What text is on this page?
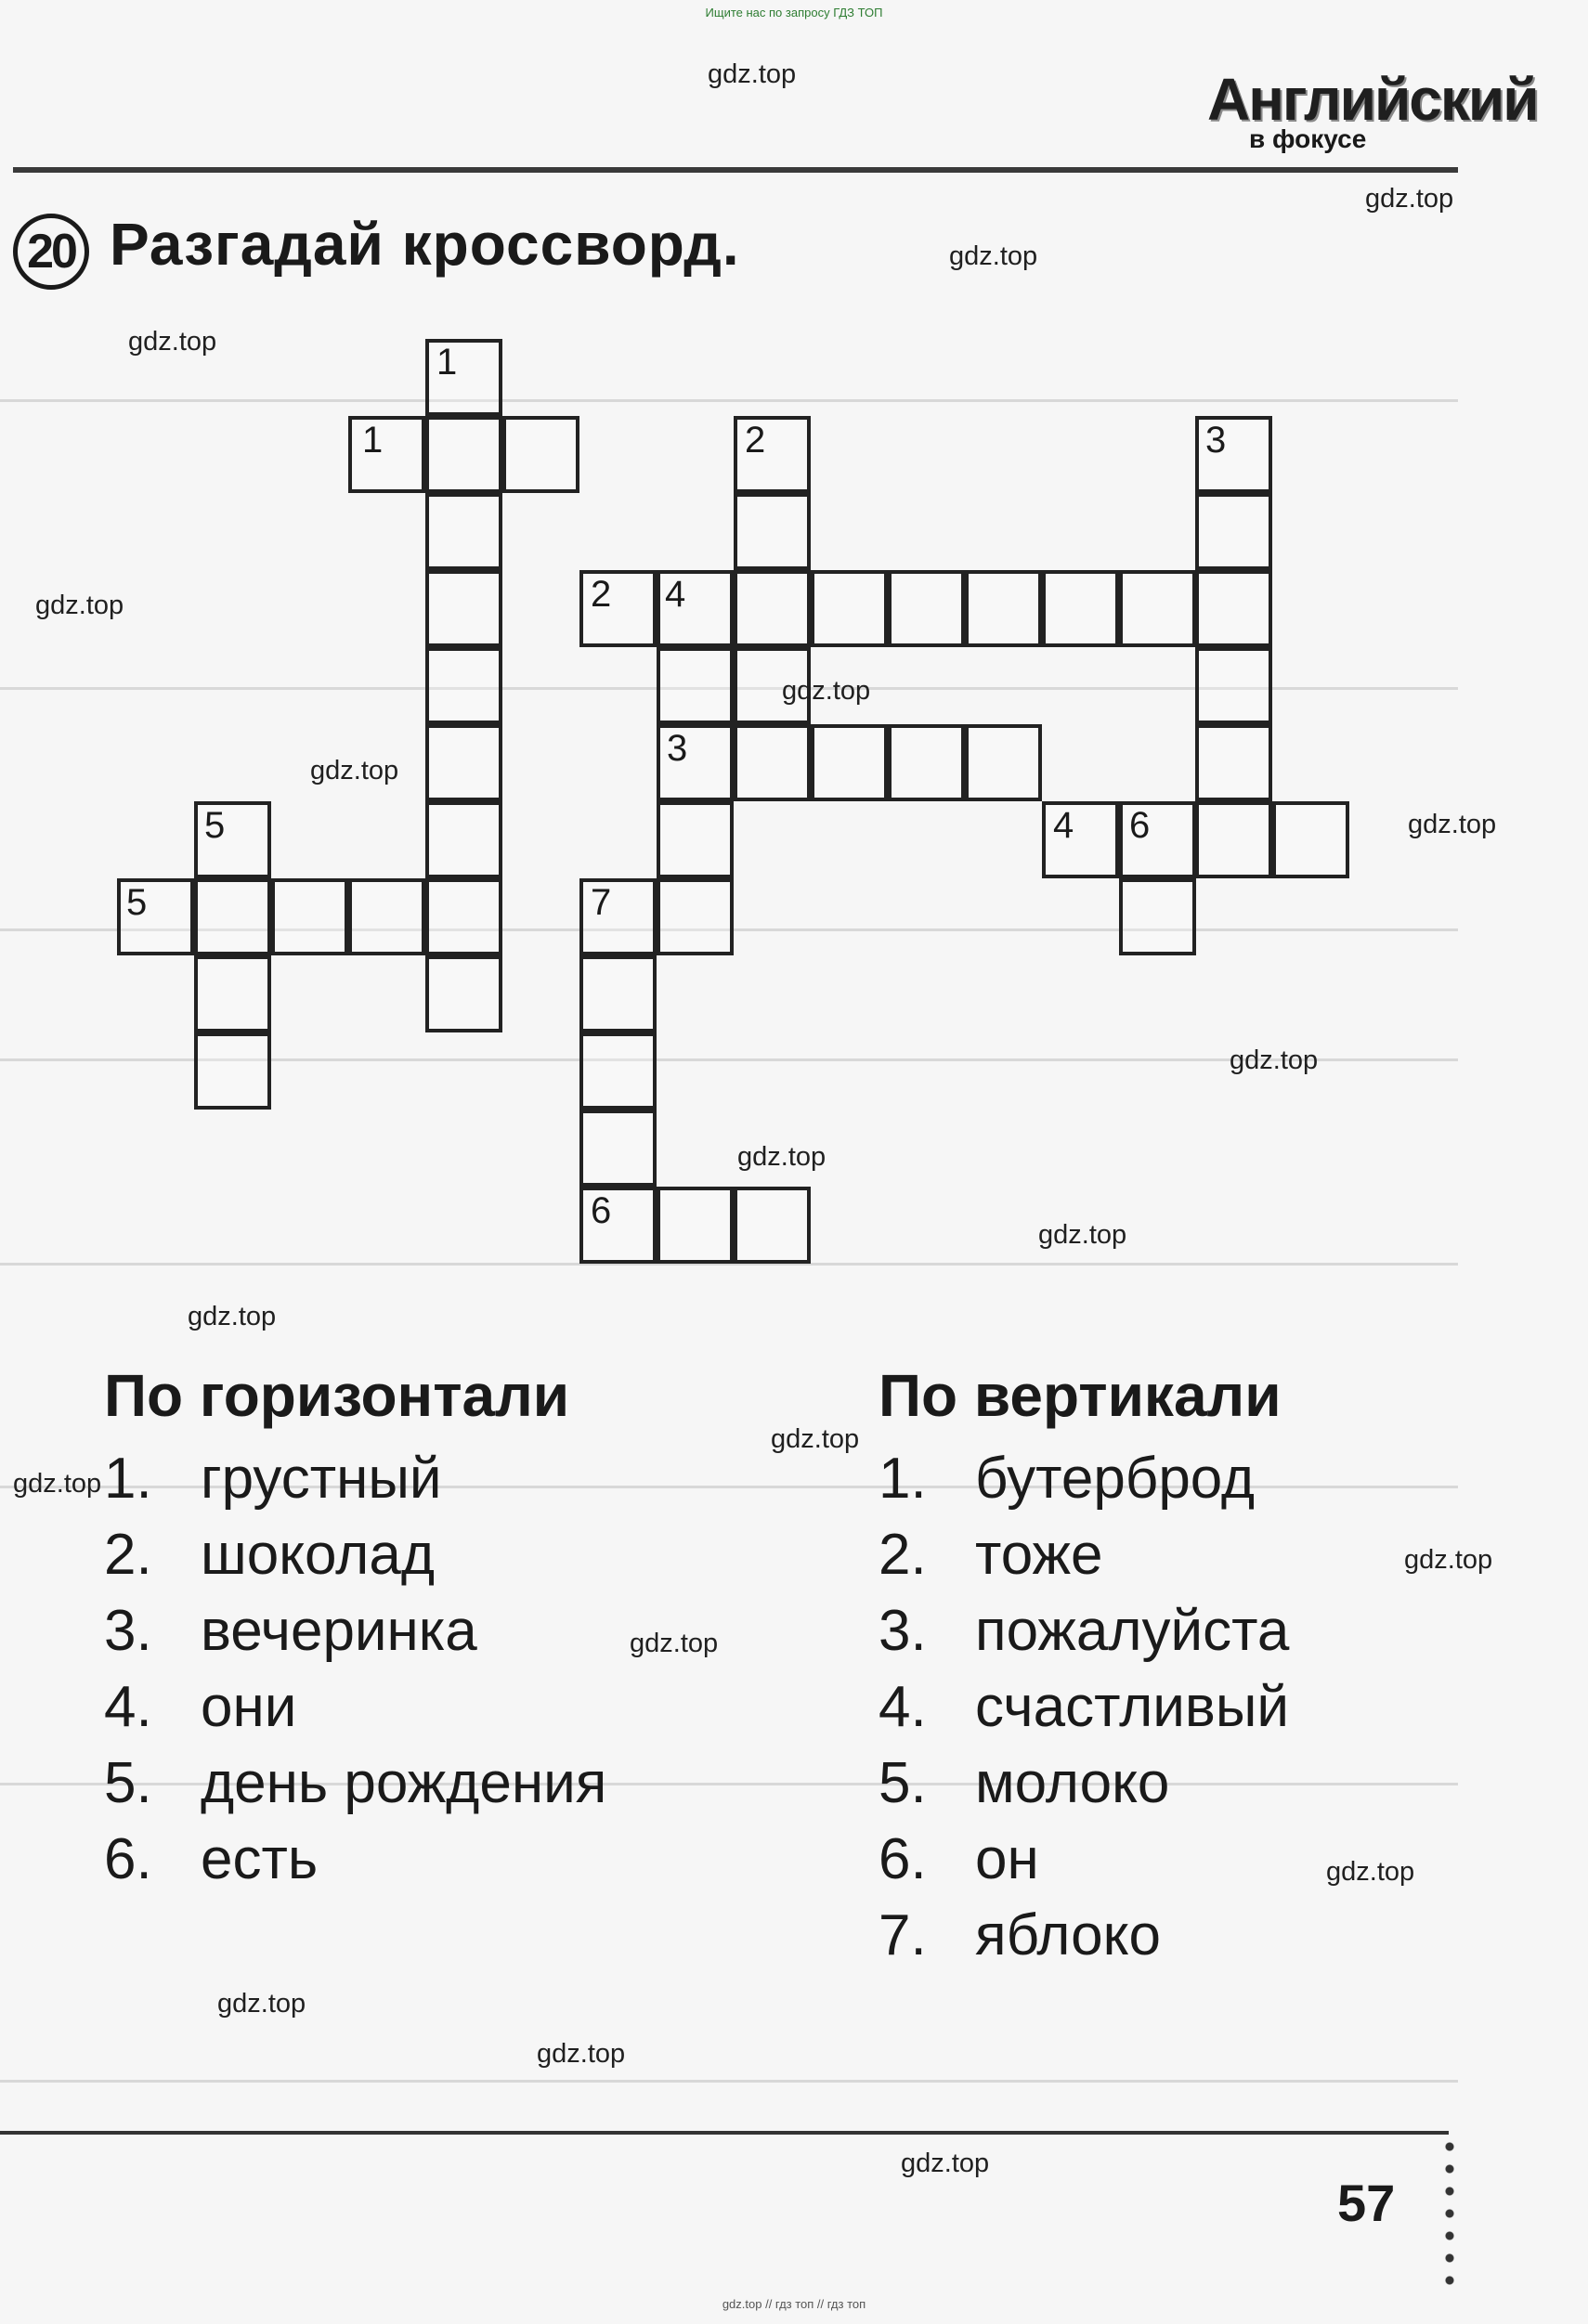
Ищите нас по запросу ГДЗ ТОП
gdz.top // гдз топ // гдз топ
Английский
в фокусе
20 Разгадай кроссворд.
1
1	2	3
2 4
3
4 6
5
5	7
6
По горизонтали	По вертикали
1. грустный
2. шоколад
3. вечеринка
4. они
5. день рождения
6. есть
1. бутерброд
2. тоже
3. пожалуйста
4. счастливый
5. молоко
6. он
7. яблоко
57
gdz.top
gdz.top
gdz.top
gdz.top
gdz.top
gdz.top
gdz.top
gdz.top
gdz.top
gdz.top
gdz.top
gdz.top
gdz.top
gdz.top
gdz.top
gdz.top
gdz.top
gdz.top
gdz.top
gdz.top
